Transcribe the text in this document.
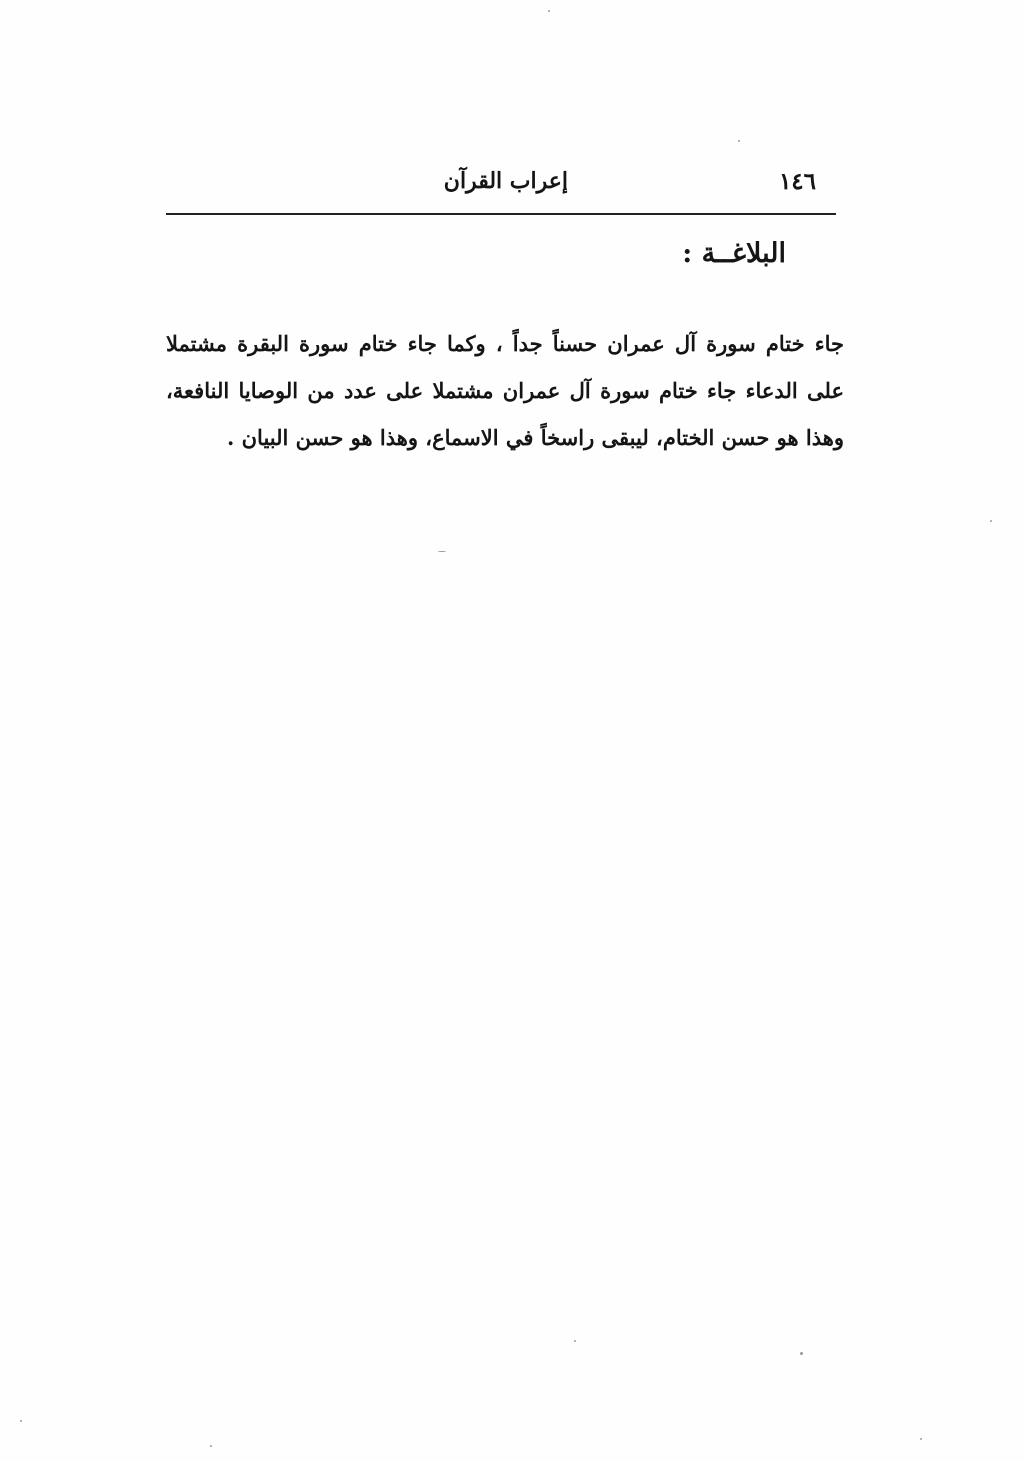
١٤٦
إعراب القرآن
البلاغــة :

جاء ختام سورة آل عمران حسناً جداً ، وكما جاء ختام سورة البقرة مشتملا على الدعاء جاء ختام سورة آل عمران مشتملا على عدد من الوصايا النافعة، وهذا هو حسن الختام، ليبقى راسخاً في الاسماع، وهذا هو حسن البيان .
